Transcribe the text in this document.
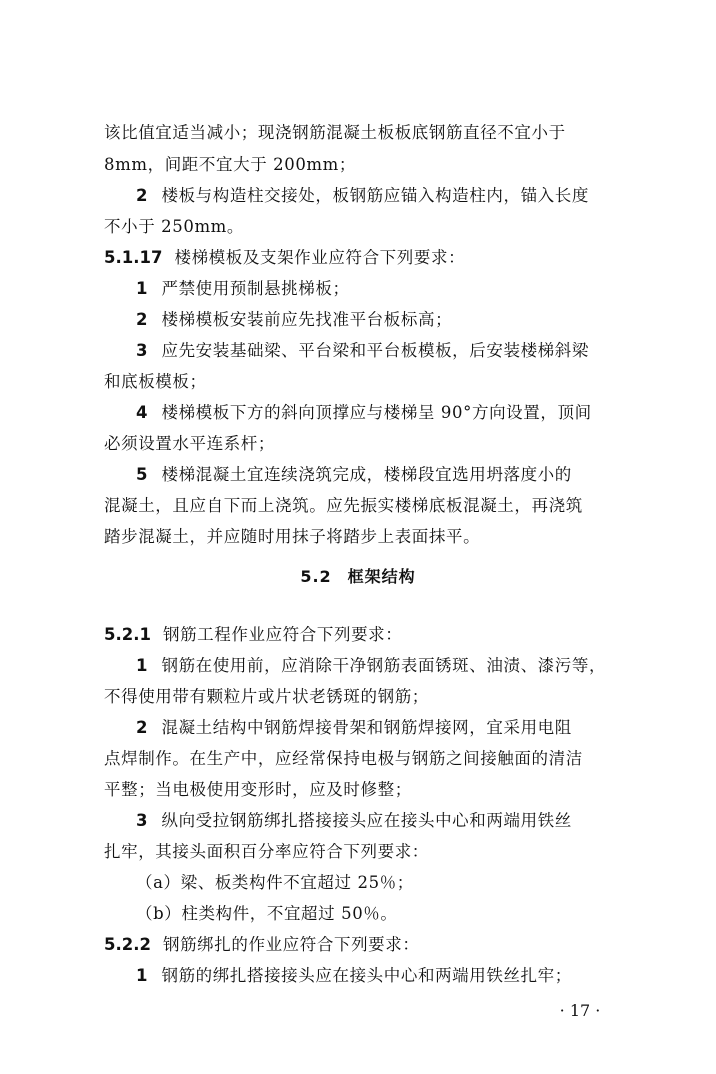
该比值宜适当减小；现浇钢筋混凝土板板底钢筋直径不宜小于
8mm，间距不宜大于 200mm；
2 楼板与构造柱交接处，板钢筋应锚入构造柱内，锚入长度
不小于 250mm。
5.1.17 楼梯模板及支架作业应符合下列要求：
1 严禁使用预制悬挑梯板；
2 楼梯模板安装前应先找准平台板标高；
3 应先安装基础梁、平台梁和平台板模板，后安装楼梯斜梁
和底板模板；
4 楼梯模板下方的斜向顶撑应与楼梯呈 90°方向设置，顶间
必须设置水平连系杆；
5 楼梯混凝土宜连续浇筑完成，楼梯段宜选用坍落度小的
混凝土，且应自下而上浇筑。应先振实楼梯底板混凝土，再浇筑
踏步混凝土，并应随时用抹子将踏步上表面抹平。
5.2 框架结构
5.2.1 钢筋工程作业应符合下列要求：
1 钢筋在使用前，应消除干净钢筋表面锈斑、油渍、漆污等，
不得使用带有颗粒片或片状老锈斑的钢筋；
2 混凝土结构中钢筋焊接骨架和钢筋焊接网，宜采用电阻
点焊制作。在生产中，应经常保持电极与钢筋之间接触面的清洁
平整；当电极使用变形时，应及时修整；
3 纵向受拉钢筋绑扎搭接接头应在接头中心和两端用铁丝
扎牢，其接头面积百分率应符合下列要求：
（a）梁、板类构件不宜超过 25％；
（b）柱类构件，不宜超过 50％。
5.2.2 钢筋绑扎的作业应符合下列要求：
1 钢筋的绑扎搭接接头应在接头中心和两端用铁丝扎牢；
· 17 ·
